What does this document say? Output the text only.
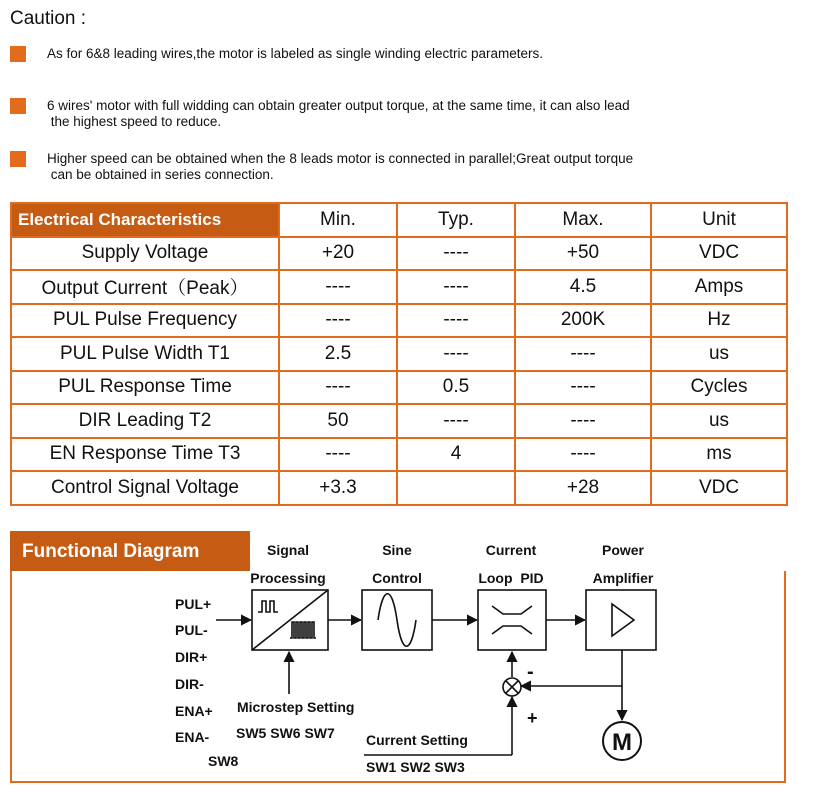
Caution :
As for 6&8 leading wires,the motor is labeled as single winding electric parameters.
6 wires' motor with full widding can obtain greater output torque, at the same time, it can also lead
the highest speed to reduce.
Higher speed can be obtained when the 8 leads motor is connected in parallel;Great output torque
can be obtained in series connection.
Electrical Characteristics	Min.	Typ.	Max.	Unit
Supply Voltage	+20	----	+50	VDC
Output Current（Peak）	----	----	4.5	Amps
PUL Pulse Frequency	----	----	200K	Hz
PUL Pulse Width T1	2.5	----	----	us
PUL Response Time	----	0.5	----	Cycles
DIR Leading T2	50	----	----	us
EN Response Time T3	----	4	----	ms
Control Signal Voltage	+3.3		+28	VDC
Functional Diagram	Signal
Processing
Sine
Control
Current
Loop  PID
Power
Amplifier
PUL+
PUL-
DIR+
DIR-
ENA+
ENA-
Microstep Setting
SW5 SW6 SW7
SW8
Current Setting
SW1 SW2 SW3
-
+
M
